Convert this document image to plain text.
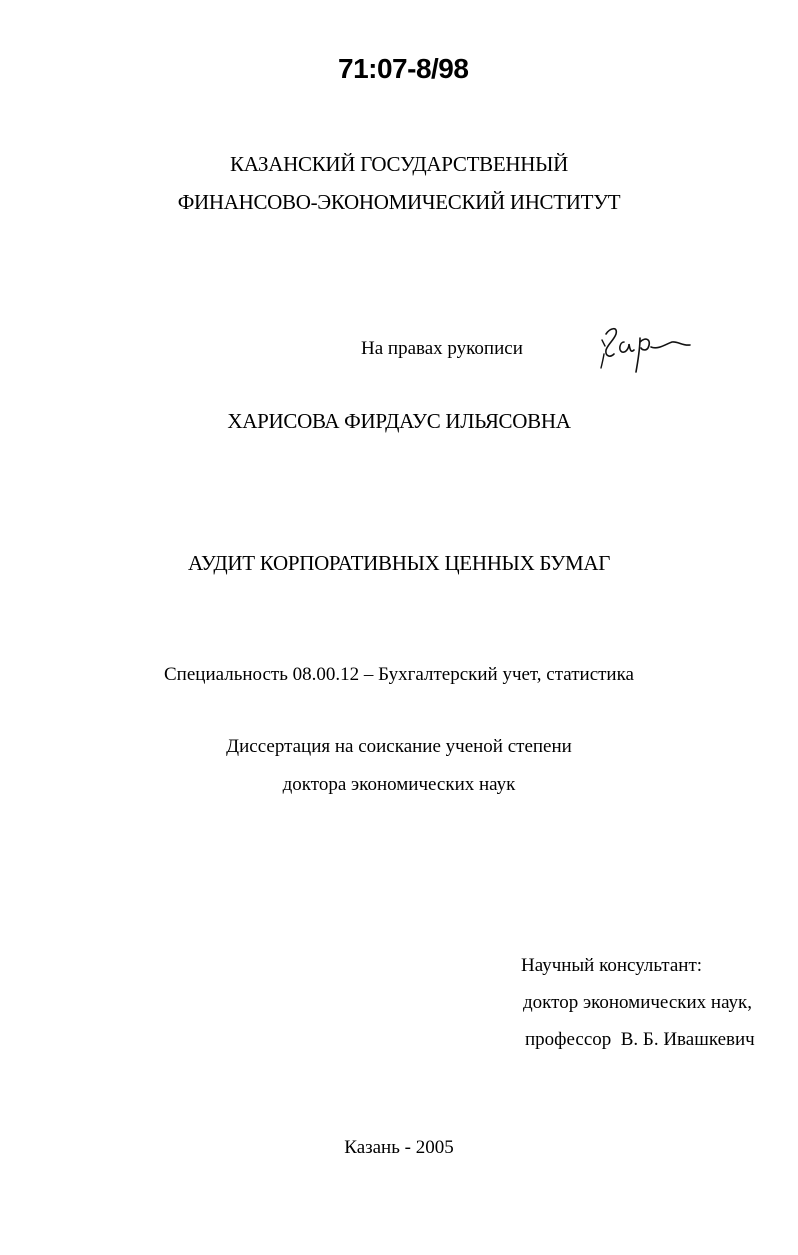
71:07-8/98
КАЗАНСКИЙ ГОСУДАРСТВЕННЫЙ
ФИНАНСОВО-ЭКОНОМИЧЕСКИЙ ИНСТИТУТ
На правах рукописи
ХАРИСОВА ФИРДАУС ИЛЬЯСОВНА
АУДИТ КОРПОРАТИВНЫХ ЦЕННЫХ БУМАГ
Специальность 08.00.12 – Бухгалтерский учет, статистика
Диссертация на соискание ученой степени
доктора экономических наук
Научный консультант:
доктор экономических наук,
профессор  В. Б. Ивашкевич
Казань - 2005
